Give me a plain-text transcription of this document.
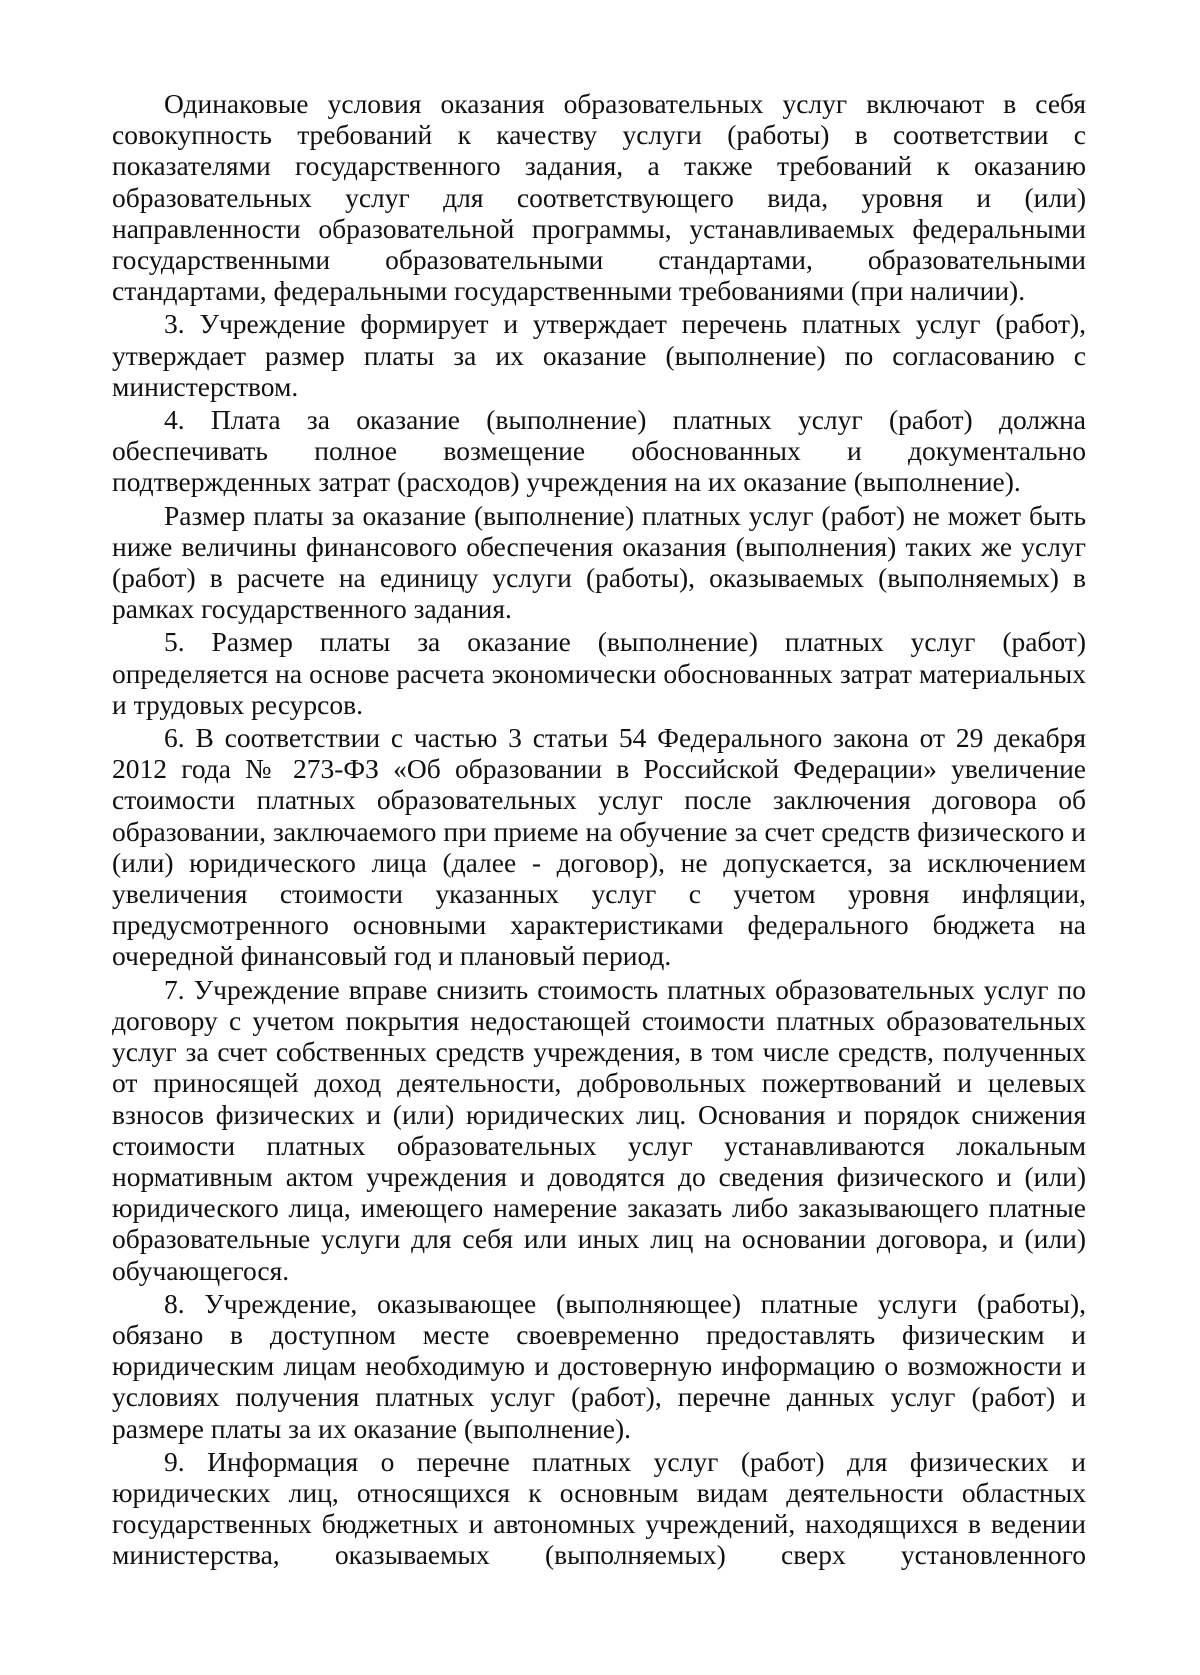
Одинаковые условия оказания образовательных услуг включают в себя совокупность требований к качеству услуги (работы) в соответствии с показателями государственного задания, а также требований к оказанию образовательных услуг для соответствующего вида, уровня и (или) направленности образовательной программы, устанавливаемых федеральными государственными образовательными стандартами, образовательными стандартами, федеральными государственными требованиями (при наличии).

3. Учреждение формирует и утверждает перечень платных услуг (работ), утверждает размер платы за их оказание (выполнение) по согласованию с министерством.

4. Плата за оказание (выполнение) платных услуг (работ) должна обеспечивать полное возмещение обоснованных и документально подтвержденных затрат (расходов) учреждения на их оказание (выполнение).

Размер платы за оказание (выполнение) платных услуг (работ) не может быть ниже величины финансового обеспечения оказания (выполнения) таких же услуг (работ) в расчете на единицу услуги (работы), оказываемых (выполняемых) в рамках государственного задания.

5. Размер платы за оказание (выполнение) платных услуг (работ) определяется на основе расчета экономически обоснованных затрат материальных и трудовых ресурсов.

6. В соответствии с частью 3 статьи 54 Федерального закона от 29 декабря 2012 года № 273-ФЗ «Об образовании в Российской Федерации» увеличение стоимости платных образовательных услуг после заключения договора об образовании, заключаемого при приеме на обучение за счет средств физического и (или) юридического лица (далее - договор), не допускается, за исключением увеличения стоимости указанных услуг с учетом уровня инфляции, предусмотренного основными характеристиками федерального бюджета на очередной финансовый год и плановый период.

7. Учреждение вправе снизить стоимость платных образовательных услуг по договору с учетом покрытия недостающей стоимости платных образовательных услуг за счет собственных средств учреждения, в том числе средств, полученных от приносящей доход деятельности, добровольных пожертвований и целевых взносов физических и (или) юридических лиц. Основания и порядок снижения стоимости платных образовательных услуг устанавливаются локальным нормативным актом учреждения и доводятся до сведения физического и (или) юридического лица, имеющего намерение заказать либо заказывающего платные образовательные услуги для себя или иных лиц на основании договора, и (или) обучающегося.

8. Учреждение, оказывающее (выполняющее) платные услуги (работы), обязано в доступном месте своевременно предоставлять физическим и юридическим лицам необходимую и достоверную информацию о возможности и условиях получения платных услуг (работ), перечне данных услуг (работ) и размере платы за их оказание (выполнение).

9. Информация о перечне платных услуг (работ) для физических и юридических лиц, относящихся к основным видам деятельности областных государственных бюджетных и автономных учреждений, находящихся в ведении министерства, оказываемых (выполняемых) сверх установленного
